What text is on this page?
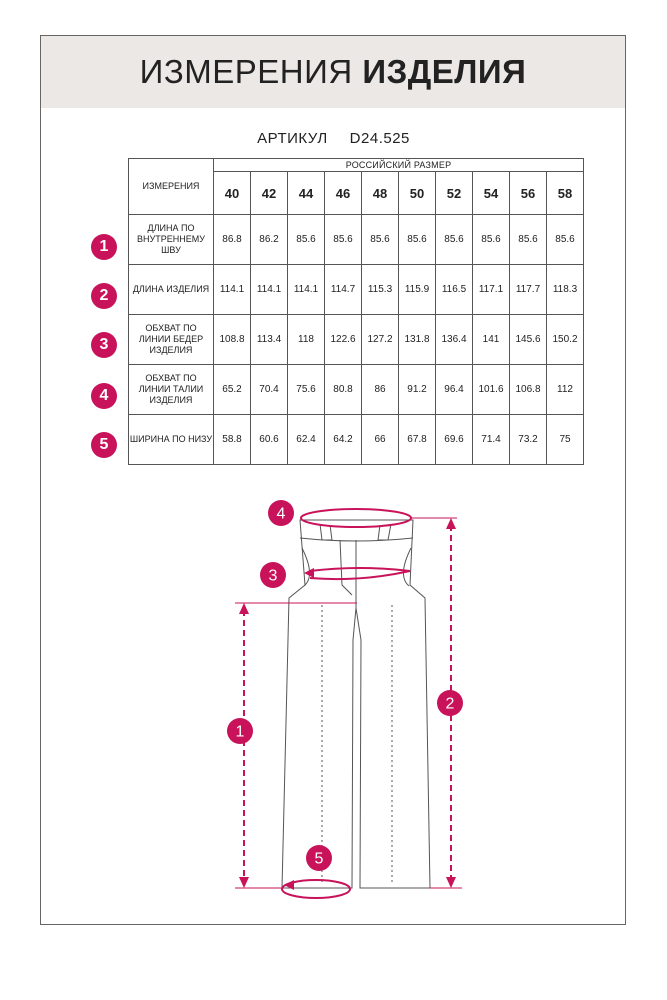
ИЗМЕРЕНИЯ ИЗДЕЛИЯ
АРТИКУЛ D24.525
ИЗМЕРЕНИЯ	РОССИЙСКИЙ РАЗМЕР									
	40	42	44	46	48	50	52	54	56	58
ДЛИНА ПО ВНУТРЕННЕМУ ШВУ	86.8	86.2	85.6	85.6	85.6	85.6	85.6	85.6	85.6	85.6
ДЛИНА ИЗДЕЛИЯ	114.1	114.1	114.1	114.7	115.3	115.9	116.5	117.1	117.7	118.3
ОБХВАТ ПО ЛИНИИ БЕДЕР ИЗДЕЛИЯ	108.8	113.4	118	122.6	127.2	131.8	136.4	141	145.6	150.2
ОБХВАТ ПО ЛИНИИ ТАЛИИ ИЗДЕЛИЯ	65.2	70.4	75.6	80.8	86	91.2	96.4	101.6	106.8	112
ШИРИНА ПО НИЗУ	58.8	60.6	62.4	64.2	66	67.8	69.6	71.4	73.2	75
1
2
3
4
5
4
3
1
2
5
